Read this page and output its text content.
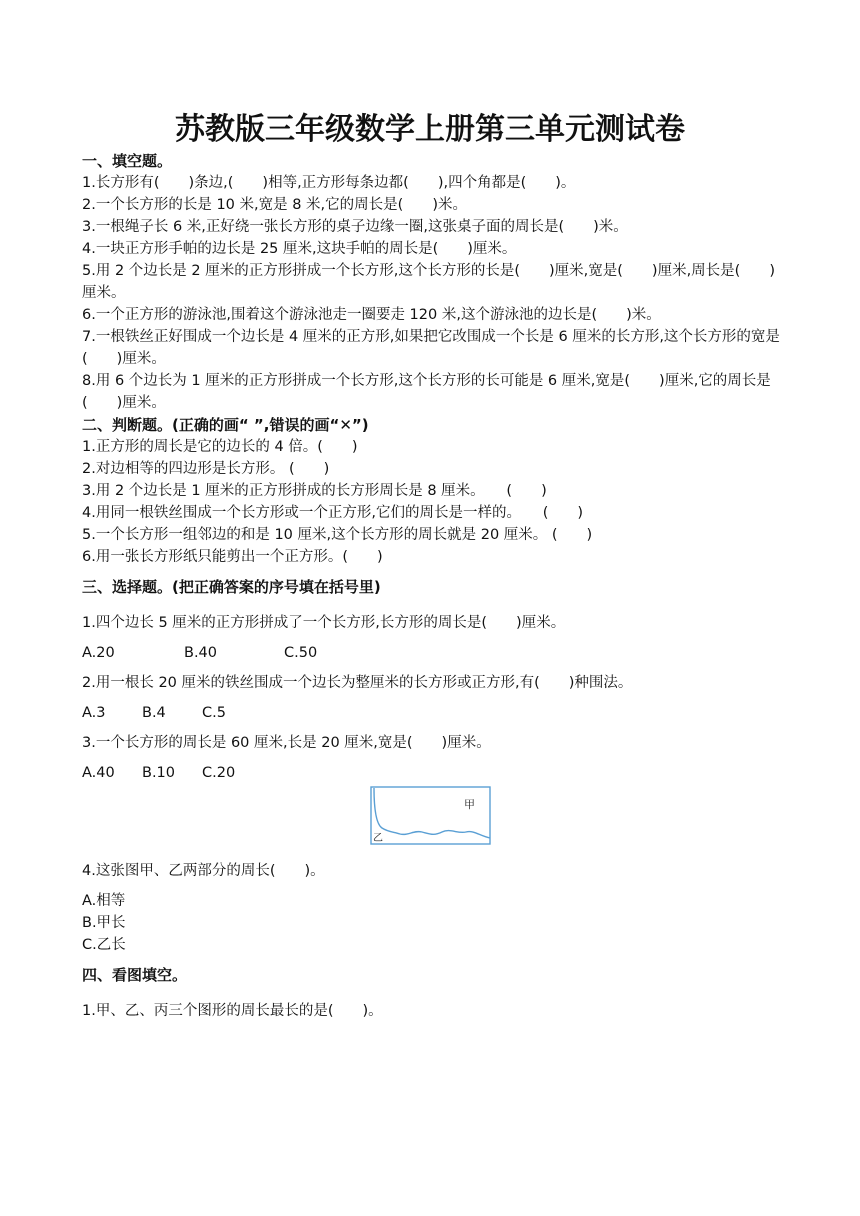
苏教版三年级数学上册第三单元测试卷

一、填空题。

1.长方形有(　　)条边,(　　)相等,正方形每条边都(　　),四个角都是(　　)。

2.一个长方形的长是 10 米,宽是 8 米,它的周长是(　　)米。

3.一根绳子长 6 米,正好绕一张长方形的桌子边缘一圈,这张桌子面的周长是(　　)米。

4.一块正方形手帕的边长是 25 厘米,这块手帕的周长是(　　)厘米。

5.用 2 个边长是 2 厘米的正方形拼成一个长方形,这个长方形的长是(　　)厘米,宽是(　　)厘米,周长是(　　)厘米。

6.一个正方形的游泳池,围着这个游泳池走一圈要走 120 米,这个游泳池的边长是(　　)米。

7.一根铁丝正好围成一个边长是 4 厘米的正方形,如果把它改围成一个长是 6 厘米的长方形,这个长方形的宽是(　　)厘米。

8.用 6 个边长为 1 厘米的正方形拼成一个长方形,这个长方形的长可能是 6 厘米,宽是(　　)厘米,它的周长是(　　)厘米。

二、判断题。(正确的画“ ”,错误的画“✕”)

1.正方形的周长是它的边长的 4 倍。(　　)

2.对边相等的四边形是长方形。 (　　)

3.用 2 个边长是 1 厘米的正方形拼成的长方形周长是 8 厘米。　　(　　)

4.用同一根铁丝围成一个长方形或一个正方形,它们的周长是一样的。　　(　　)

5.一个长方形一组邻边的和是 10 厘米,这个长方形的周长就是 20 厘米。 (　　)

6.用一张长方形纸只能剪出一个正方形。(　　)

三、选择题。(把正确答案的序号填在括号里)

1.四个边长 5 厘米的正方形拼成了一个长方形,长方形的周长是(　　)厘米。

A.20	B.40	C.50

2.用一根长 20 厘米的铁丝围成一个边长为整厘米的长方形或正方形,有(　　)种围法。

A.3	B.4 C.5

3.一个长方形的周长是 60 厘米,长是 20 厘米,宽是(　　)厘米。

A.40 B.10 C.20

甲
乙

4.这张图甲、乙两部分的周长(　　)。

A.相等

B.甲长

C.乙长

四、看图填空。

1.甲、乙、丙三个图形的周长最长的是(　　)。
